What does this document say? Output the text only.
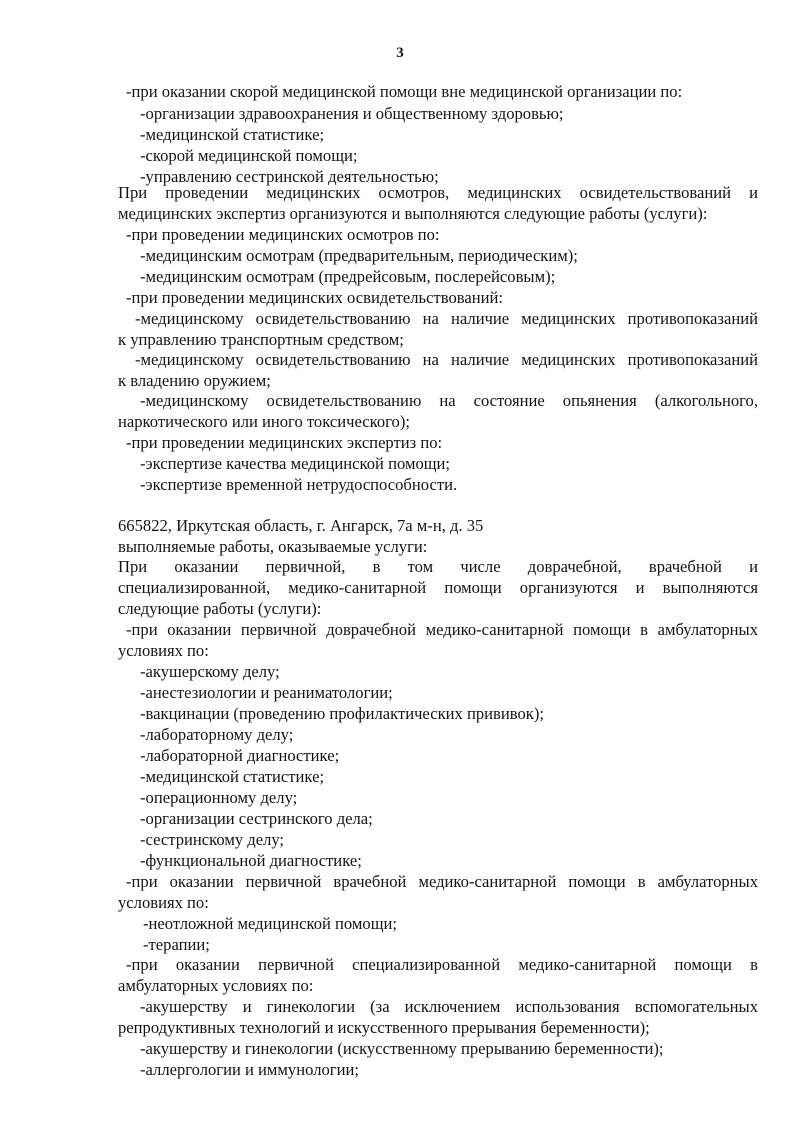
3
-при оказании скорой медицинской помощи вне медицинской организации по:
-организации здравоохранения и общественному здоровью;
-медицинской статистике;
-скорой медицинской помощи;
-управлению сестринской деятельностью;
При проведении медицинских осмотров, медицинских освидетельствований и
медицинских экспертиз организуются и выполняются следующие работы (услуги):
-при проведении медицинских осмотров по:
-медицинским осмотрам (предварительным, периодическим);
-медицинским осмотрам (предрейсовым, послерейсовым);
-при проведении медицинских освидетельствований:
-медицинскому освидетельствованию на наличие медицинских противопоказаний
к управлению транспортным средством;
-медицинскому освидетельствованию на наличие медицинских противопоказаний
к владению оружием;
-медицинскому освидетельствованию на состояние опьянения (алкогольного,
наркотического или иного токсического);
-при проведении медицинских экспертиз по:
-экспертизе качества медицинской помощи;
-экспертизе временной нетрудоспособности.
665822, Иркутская область, г. Ангарск, 7а м-н, д. 35
выполняемые работы, оказываемые услуги:
При оказании первичной, в том числе доврачебной, врачебной и
специализированной, медико-санитарной помощи организуются и выполняются
следующие работы (услуги):
-при оказании первичной доврачебной медико-санитарной помощи в амбулаторных
условиях по:
-акушерскому делу;
-анестезиологии и реаниматологии;
-вакцинации (проведению профилактических прививок);
-лабораторному делу;
-лабораторной диагностике;
-медицинской статистике;
-операционному делу;
-организации сестринского дела;
-сестринскому делу;
-функциональной диагностике;
-при оказании первичной врачебной медико-санитарной помощи в амбулаторных
условиях по:
-неотложной медицинской помощи;
-терапии;
-при оказании первичной специализированной медико-санитарной помощи в
амбулаторных условиях по:
-акушерству и гинекологии (за исключением использования вспомогательных
репродуктивных технологий и искусственного прерывания беременности);
-акушерству и гинекологии (искусственному прерыванию беременности);
-аллергологии и иммунологии;
